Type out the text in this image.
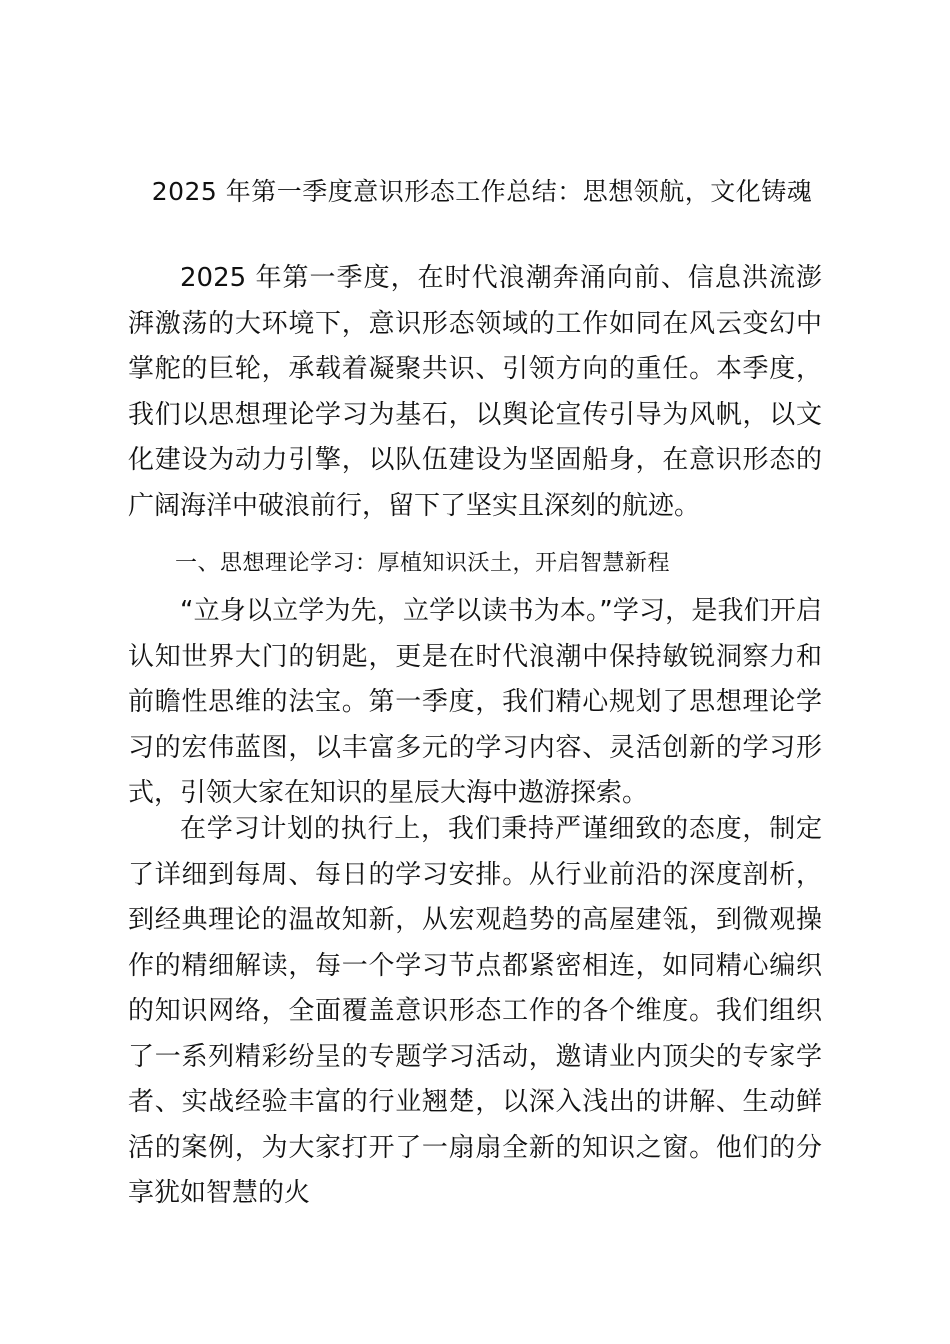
2025 年第一季度意识形态工作总结：思想领航，文化铸魂

2025 年第一季度，在时代浪潮奔涌向前、信息洪流澎湃激荡的大环境下，意识形态领域的工作如同在风云变幻中掌舵的巨轮，承载着凝聚共识、引领方向的重任。本季度，我们以思想理论学习为基石，以舆论宣传引导为风帆，以文化建设为动力引擎，以队伍建设为坚固船身，在意识形态的广阔海洋中破浪前行，留下了坚实且深刻的航迹。

一、思想理论学习：厚植知识沃土，开启智慧新程

“立身以立学为先，立学以读书为本。”学习，是我们开启认知世界大门的钥匙，更是在时代浪潮中保持敏锐洞察力和前瞻性思维的法宝。第一季度，我们精心规划了思想理论学习的宏伟蓝图，以丰富多元的学习内容、灵活创新的学习形式，引领大家在知识的星辰大海中遨游探索。

在学习计划的执行上，我们秉持严谨细致的态度，制定了详细到每周、每日的学习安排。从行业前沿的深度剖析，到经典理论的温故知新，从宏观趋势的高屋建瓴，到微观操作的精细解读，每一个学习节点都紧密相连，如同精心编织的知识网络，全面覆盖意识形态工作的各个维度。我们组织了一系列精彩纷呈的专题学习活动，邀请业内顶尖的专家学者、实战经验丰富的行业翘楚，以深入浅出的讲解、生动鲜活的案例，为大家打开了一扇扇全新的知识之窗。他们的分享犹如智慧的火
